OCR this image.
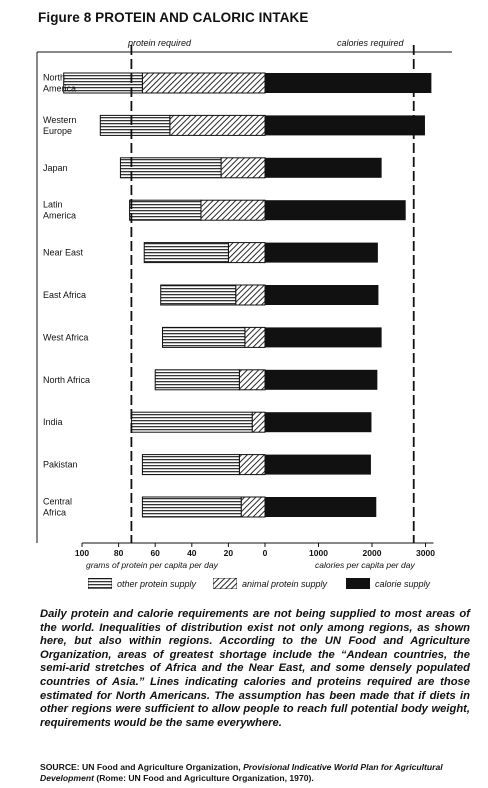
Figure 8 PROTEIN AND CALORIC INTAKE
protein required	calories required
100	80	60	40	20	0	1000	2000	3000
grams of protein per capita per day	calories per capita per day
North America
Western Europe
Japan
Latin America
Near East
East Africa
West Africa
North Africa
India
Pakistan
Central Africa
other protein supply	animal protein supply	calorie supply
Daily protein and calorie requirements are not being supplied to most areas of the world. Inequalities of distribution exist not only among regions, as shown here, but also within regions. According to the UN Food and Agriculture Organization, areas of greatest shortage include the “Andean countries, the semi-arid stretches of Africa and the Near East, and some densely populated countries of Asia.” Lines indicating calories and proteins required are those estimated for North Americans. The assumption has been made that if diets in other regions were sufficient to allow people to reach full potential body weight, requirements would be the same everywhere.
SOURCE: UN Food and Agriculture Organization, Provisional Indicative World Plan for Agricultural Development (Rome: UN Food and Agriculture Organization, 1970).
